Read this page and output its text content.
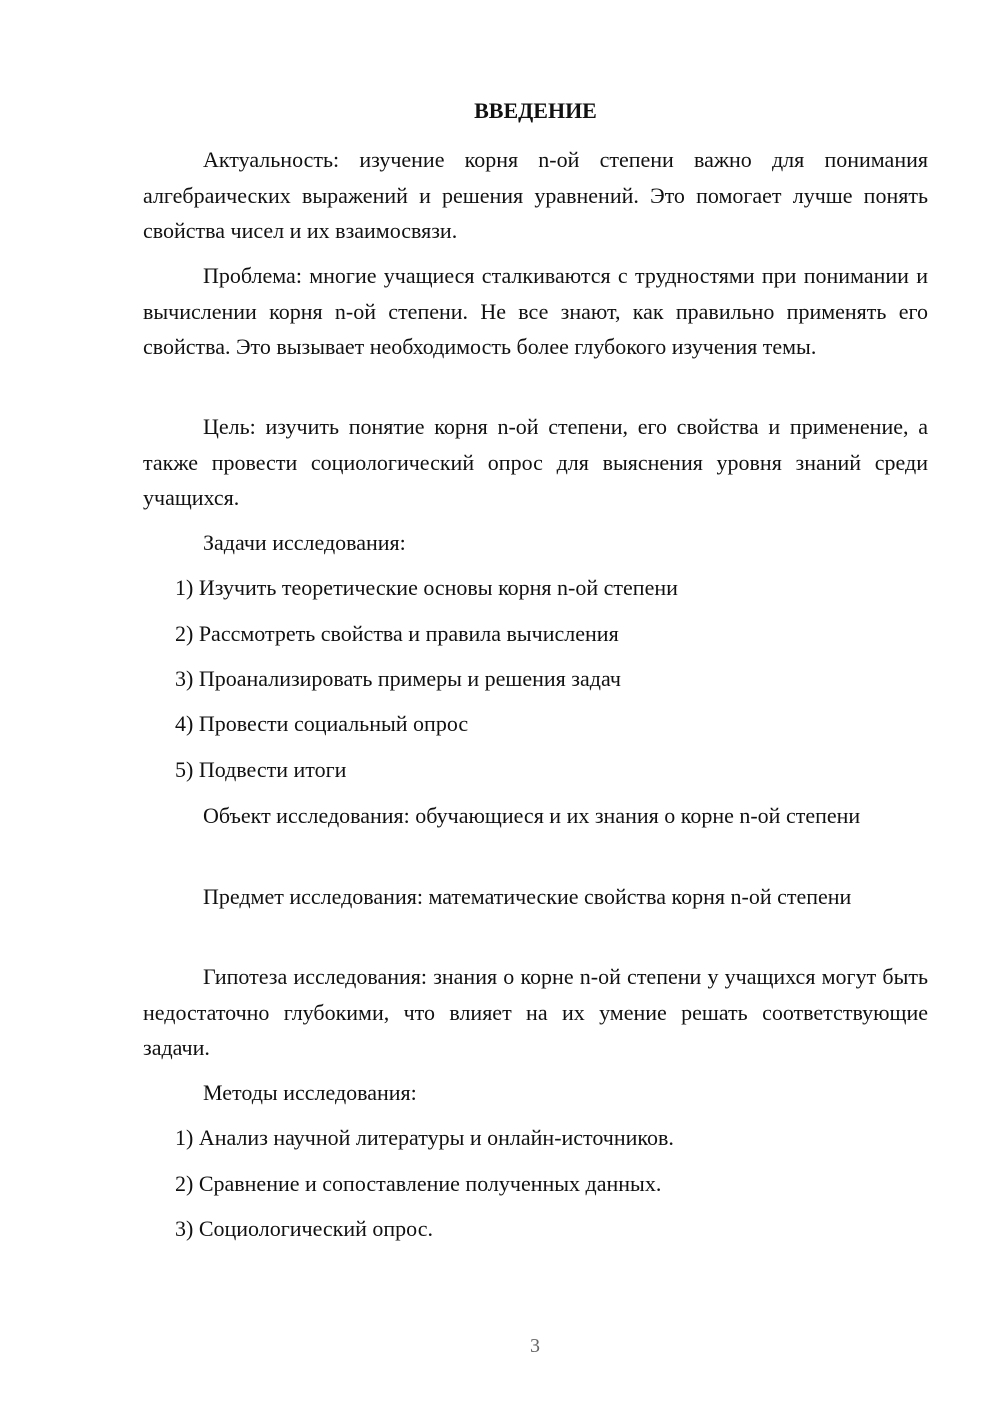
ВВЕДЕНИЕ

Актуальность: изучение корня n-ой степени важно для понимания алгебраических выражений и решения уравнений. Это помогает лучше понять свойства чисел и их взаимосвязи.

Проблема: многие учащиеся сталкиваются с трудностями при понимании и вычислении корня n-ой степени. Не все знают, как правильно применять его свойства. Это вызывает необходимость более глубокого изучения темы.

Цель: изучить понятие корня n-ой степени, его свойства и применение, а также провести социологический опрос для выяснения уровня знаний среди учащихся.

Задачи исследования:
1) Изучить теоретические основы корня n-ой степени
2) Рассмотреть свойства и правила вычисления
3) Проанализировать примеры и решения задач
4) Провести социальный опрос
5) Подвести итоги

Объект исследования: обучающиеся и их знания о корне n-ой степени

Предмет исследования: математические свойства корня n-ой степени

Гипотеза исследования: знания о корне n-ой степени у учащихся могут быть недостаточно глубокими, что влияет на их умение решать соответствующие задачи.

Методы исследования:
1) Анализ научной литературы и онлайн-источников.
2) Сравнение и сопоставление полученных данных.
3) Социологический опрос.
3
